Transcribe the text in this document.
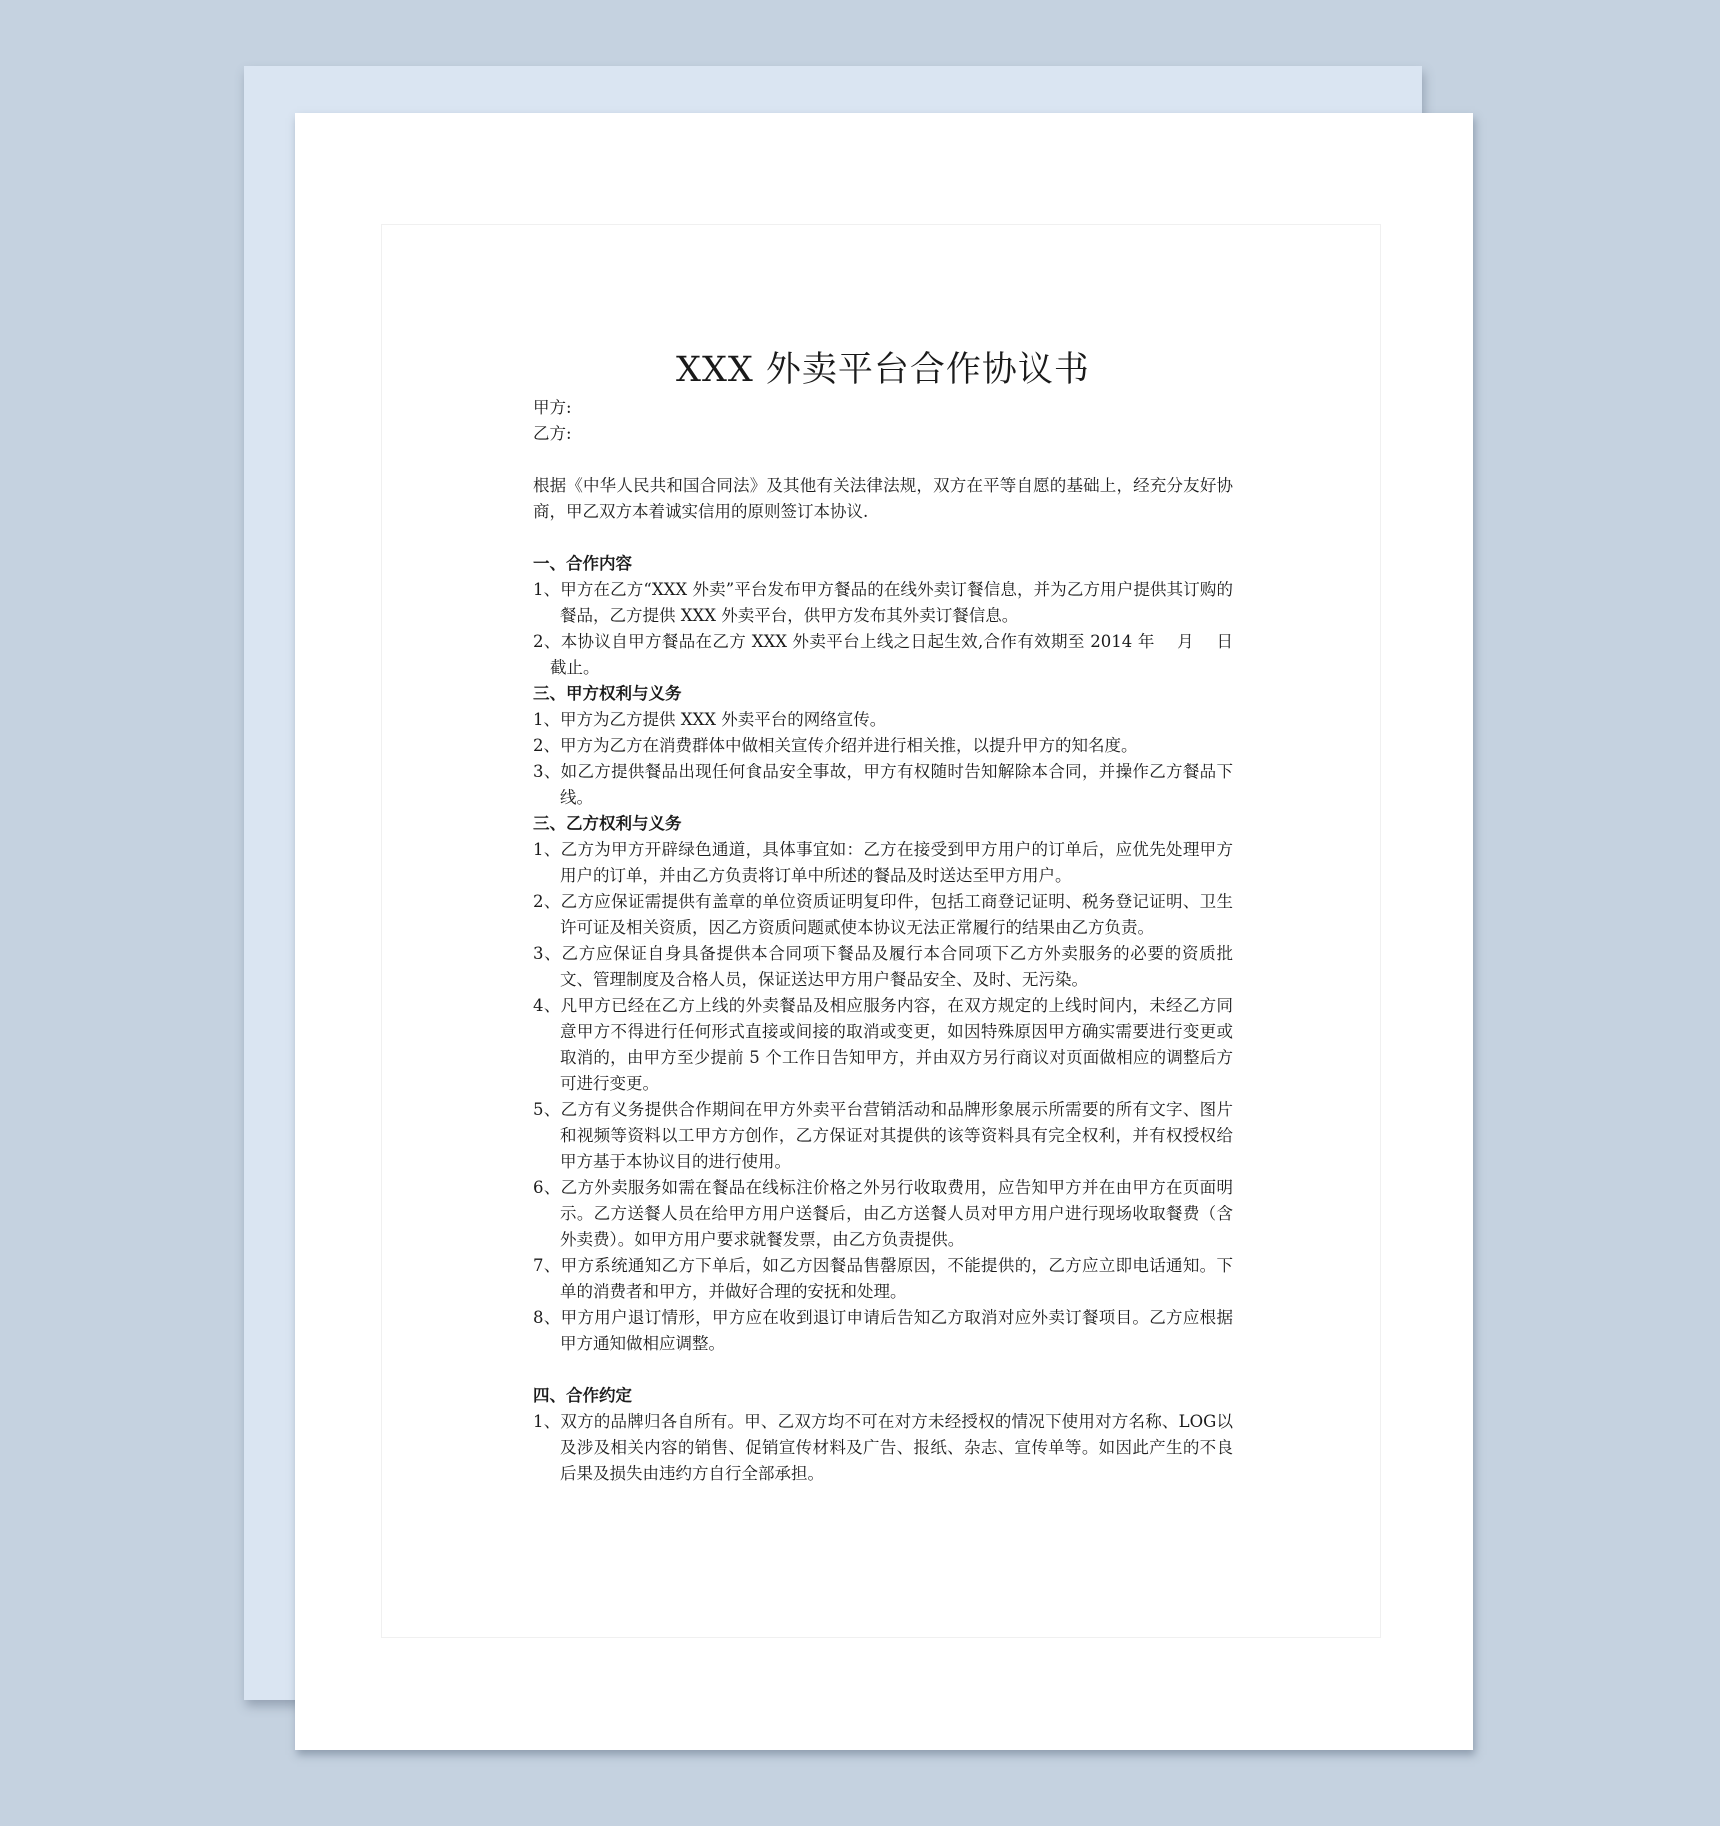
XXX 外卖平台合作协议书

甲方:

乙方:

根据《中华人民共和国合同法》及其他有关法律法规，双方在平等自愿的基础上，经充分友好协商，甲乙双方本着诚实信用的原则签订本协议.

一、合作内容

1、甲方在乙方“XXX 外卖”平台发布甲方餐品的在线外卖订餐信息，并为乙方用户提供其订购的餐品，乙方提供 XXX 外卖平台，供甲方发布其外卖订餐信息。

2、本协议自甲方餐品在乙方 XXX 外卖平台上线之日起生效,合作有效期至 2014 年　 月　 日截止。

三、甲方权利与义务

1、甲方为乙方提供 XXX 外卖平台的网络宣传。

2、甲方为乙方在消费群体中做相关宣传介绍并进行相关推，以提升甲方的知名度。

3、如乙方提供餐品出现任何食品安全事故，甲方有权随时告知解除本合同，并操作乙方餐品下线。

三、乙方权利与义务

1、乙方为甲方开辟绿色通道，具体事宜如：乙方在接受到甲方用户的订单后，应优先处理甲方用户的订单，并由乙方负责将订单中所述的餐品及时送达至甲方用户。

2、乙方应保证需提供有盖章的单位资质证明复印件，包括工商登记证明、税务登记证明、卫生许可证及相关资质，因乙方资质问题贰使本协议无法正常履行的结果由乙方负责。

3、乙方应保证自身具备提供本合同项下餐品及履行本合同项下乙方外卖服务的必要的资质批文、管理制度及合格人员，保证送达甲方用户餐品安全、及时、无污染。

4、凡甲方已经在乙方上线的外卖餐品及相应服务内容，在双方规定的上线时间内，未经乙方同意甲方不得进行任何形式直接或间接的取消或变更，如因特殊原因甲方确实需要进行变更或取消的，由甲方至少提前 5 个工作日告知甲方，并由双方另行商议对页面做相应的调整后方可进行变更。

5、乙方有义务提供合作期间在甲方外卖平台营销活动和品牌形象展示所需要的所有文字、图片和视频等资料以工甲方方创作，乙方保证对其提供的该等资料具有完全权利，并有权授权给甲方基于本协议目的进行使用。

6、乙方外卖服务如需在餐品在线标注价格之外另行收取费用，应告知甲方并在由甲方在页面明示。乙方送餐人员在给甲方用户送餐后，由乙方送餐人员对甲方用户进行现场收取餐费（含外卖费）。如甲方用户要求就餐发票，由乙方负责提供。

7、甲方系统通知乙方下单后，如乙方因餐品售罄原因，不能提供的，乙方应立即电话通知。下单的消费者和甲方，并做好合理的安抚和处理。

8、甲方用户退订情形，甲方应在收到退订申请后告知乙方取消对应外卖订餐项目。乙方应根据甲方通知做相应调整。

四、合作约定

1、双方的品牌归各自所有。甲、乙双方均不可在对方未经授权的情况下使用对方名称、LOG以及涉及相关内容的销售、促销宣传材料及广告、报纸、杂志、宣传单等。如因此产生的不良后果及损失由违约方自行全部承担。
